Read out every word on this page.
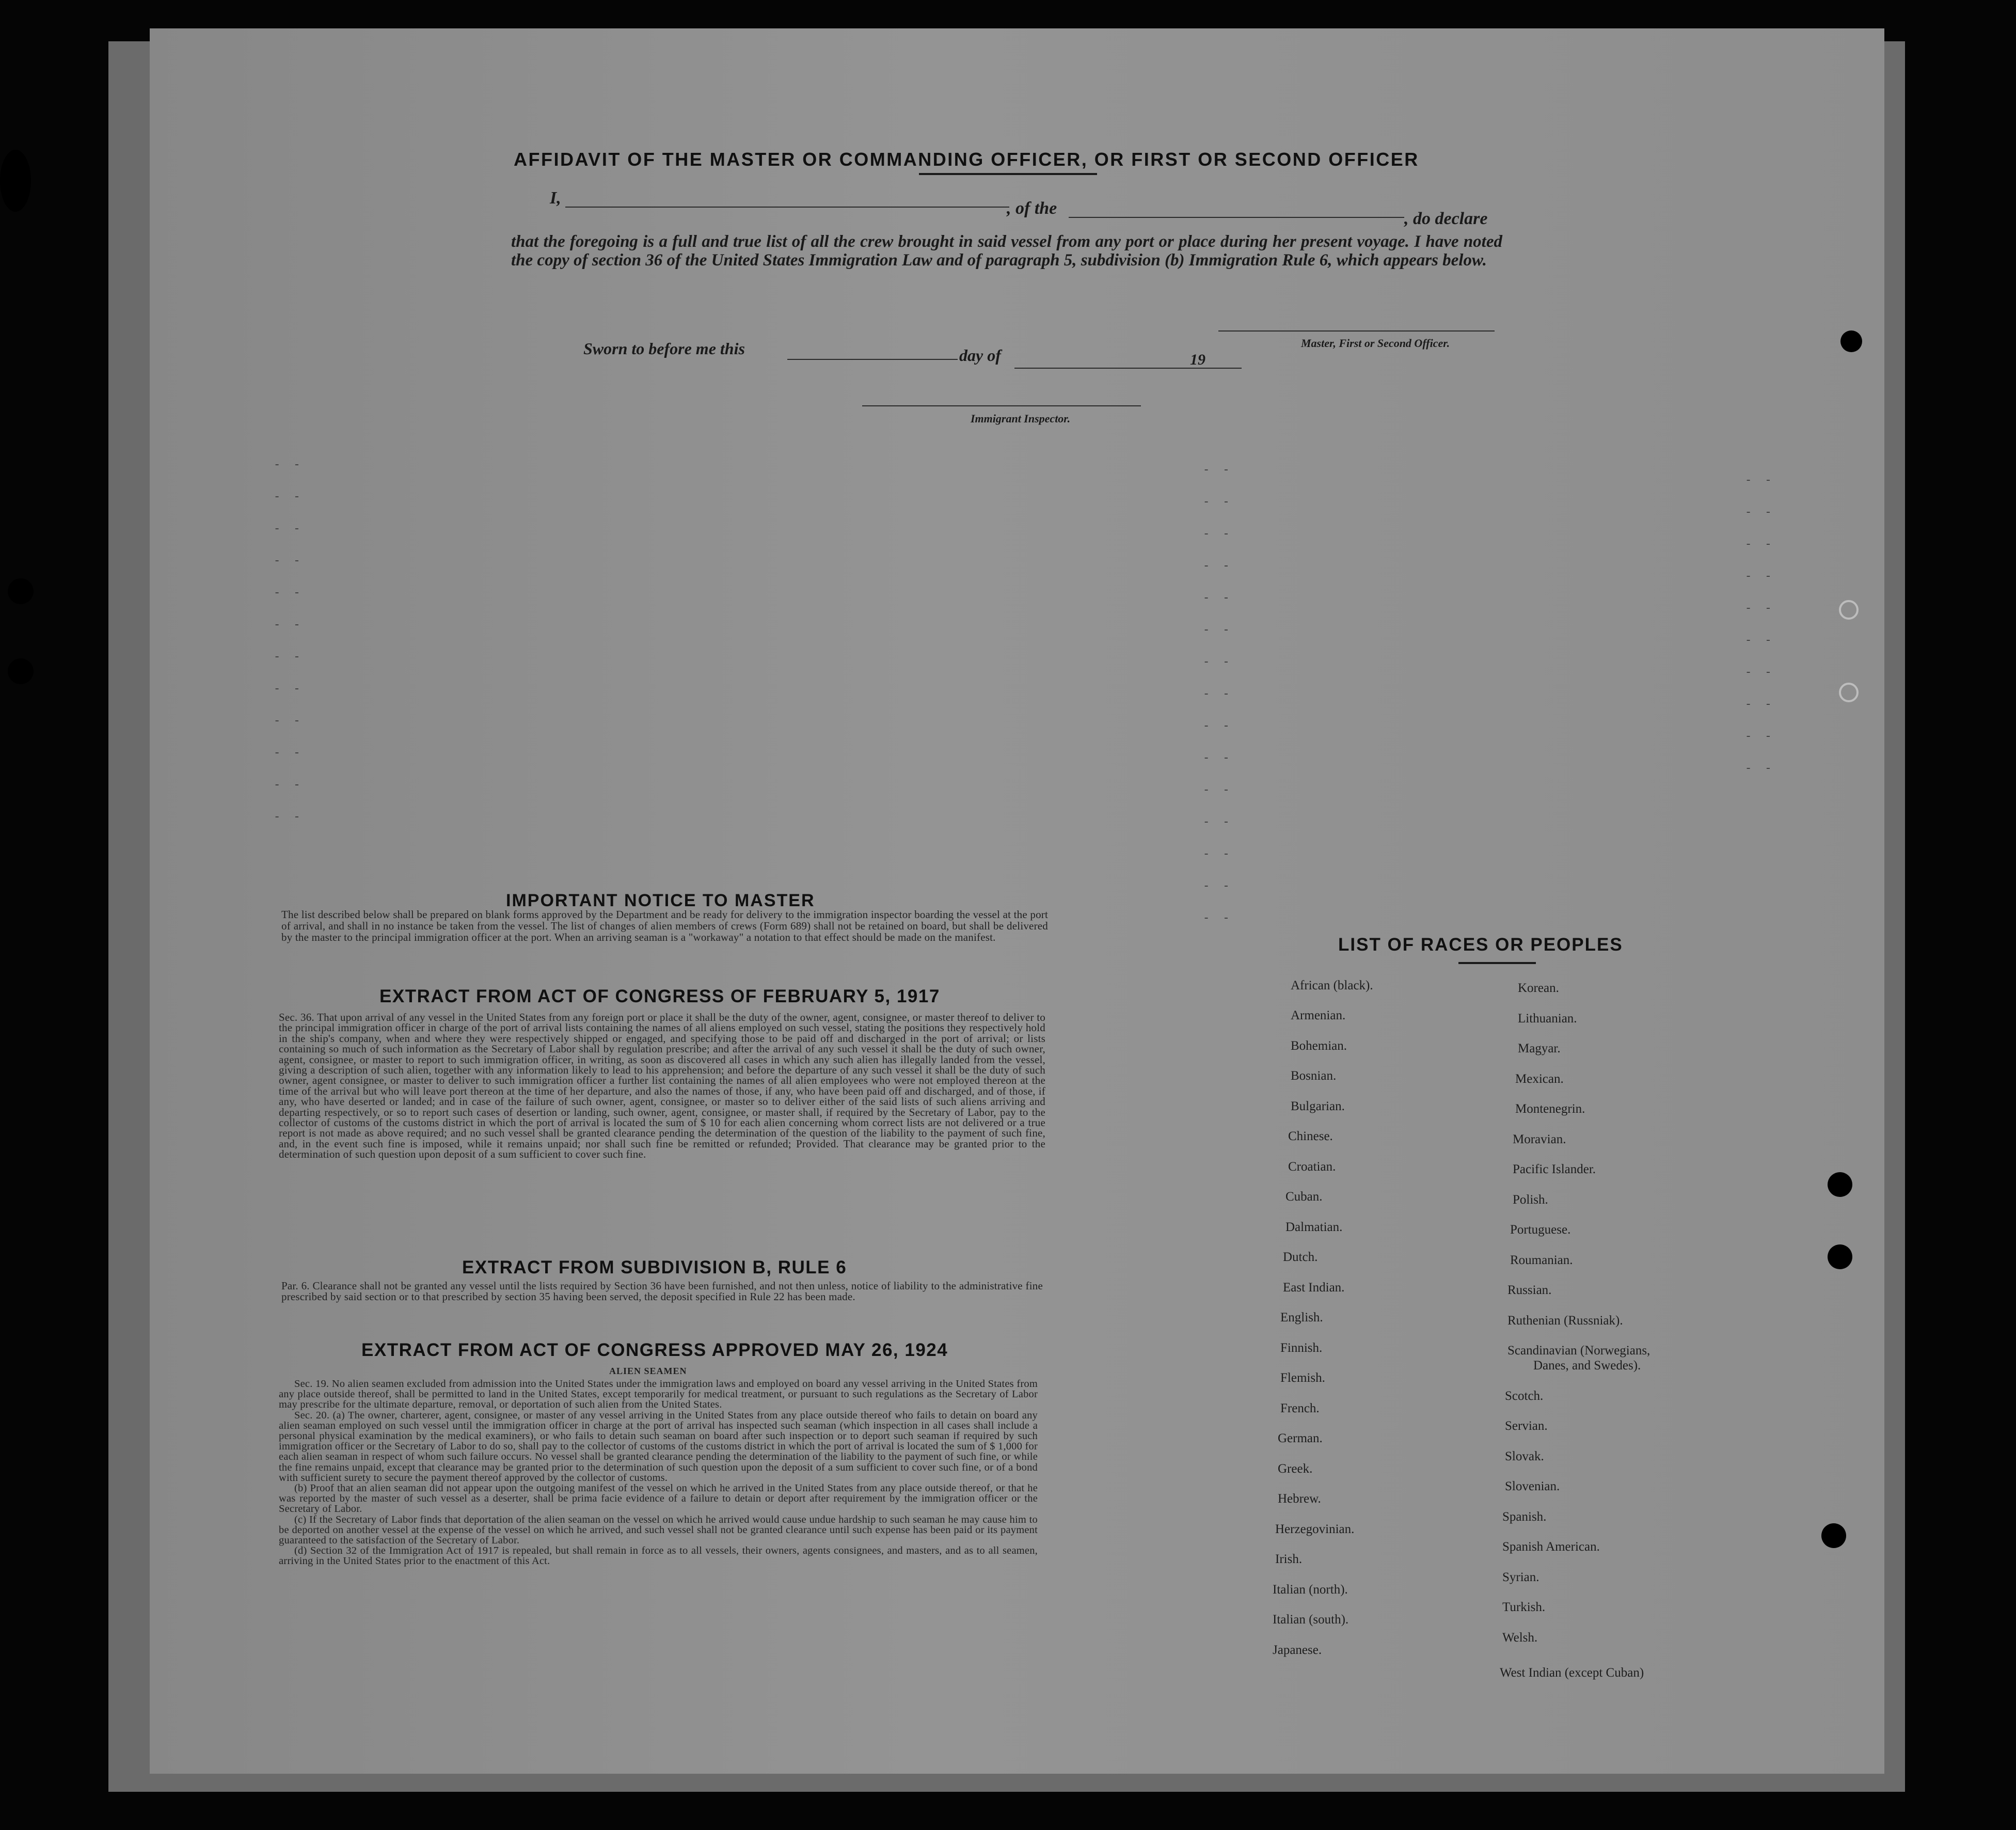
- -
- -
- -
- -
- -
- -
- -
- -
- -
- -
- -
- -
- -
- -
- -
- -
- -
- -
- -
- -
- -
- -
- -
- -
- -
- -
- -
- -
- -
- -
- -
- -
- -
- -
- -
- -
- -
AFFIDAVIT OF THE MASTER OR COMMANDING OFFICER, OR FIRST OR SECOND OFFICER
I,
, of the
, do declare
that the foregoing is a full and true list of all the crew brought in said vessel from any port or place during her present voyage. I have noted the copy of section 36 of the United States Immigration Law and of paragraph 5, subdivision (b) Immigration Rule 6, which appears below.
Master, First or Second Officer.
Sworn to before me this	day of	19
Immigrant Inspector.
IMPORTANT NOTICE TO MASTER
The list described below shall be prepared on blank forms approved by the Department and be ready for delivery to the immigration inspector boarding the vessel at the port of arrival, and shall in no instance be taken from the vessel. The list of changes of alien members of crews (Form 689) shall not be retained on board, but shall be delivered by the master to the principal immigration officer at the port. When an arriving seaman is a "workaway" a notation to that effect should be made on the manifest.
EXTRACT FROM ACT OF CONGRESS OF FEBRUARY 5, 1917
Sec. 36. That upon arrival of any vessel in the United States from any foreign port or place it shall be the duty of the owner, agent, consignee, or master thereof to deliver to the principal immigration officer in charge of the port of arrival lists containing the names of all aliens employed on such vessel, stating the positions they respectively hold in the ship's company, when and where they were respectively shipped or engaged, and specifying those to be paid off and discharged in the port of arrival; or lists containing so much of such information as the Secretary of Labor shall by regulation prescribe; and after the arrival of any such vessel it shall be the duty of such owner, agent, consignee, or master to report to such immigration officer, in writing, as soon as discovered all cases in which any such alien has illegally landed from the vessel, giving a description of such alien, together with any information likely to lead to his apprehension; and before the departure of any such vessel it shall be the duty of such owner, agent consignee, or master to deliver to such immigration officer a further list containing the names of all alien employees who were not employed thereon at the time of the arrival but who will leave port thereon at the time of her departure, and also the names of those, if any, who have been paid off and discharged, and of those, if any, who have deserted or landed; and in case of the failure of such owner, agent, consignee, or master so to deliver either of the said lists of such aliens arriving and departing respectively, or so to report such cases of desertion or landing, such owner, agent, consignee, or master shall, if required by the Secretary of Labor, pay to the collector of customs of the customs district in which the port of arrival is located the sum of $ 10 for each alien concerning whom correct lists are not delivered or a true report is not made as above required; and no such vessel shall be granted clearance pending the determination of the question of the liability to the payment of such fine, and, in the event such fine is imposed, while it remains unpaid; nor shall such fine be remitted or refunded; Provided. That clearance may be granted prior to the determination of such question upon deposit of a sum sufficient to cover such fine.
EXTRACT FROM SUBDIVISION B, RULE 6
Par. 6. Clearance shall not be granted any vessel until the lists required by Section 36 have been furnished, and not then unless, notice of liability to the administrative fine prescribed by said section or to that prescribed by section 35 having been served, the deposit specified in Rule 22 has been made.
EXTRACT FROM ACT OF CONGRESS APPROVED MAY 26, 1924
ALIEN SEAMEN
Sec. 19. No alien seamen excluded from admission into the United States under the immigration laws and employed on board any vessel arriving in the United States from any place outside thereof, shall be permitted to land in the United States, except temporarily for medical treatment, or pursuant to such regulations as the Secretary of Labor may prescribe for the ultimate departure, removal, or deportation of such alien from the United States.
Sec. 20. (a) The owner, charterer, agent, consignee, or master of any vessel arriving in the United States from any place outside thereof who fails to detain on board any alien seaman employed on such vessel until the immigration officer in charge at the port of arrival has inspected such seaman (which inspection in all cases shall include a personal physical examination by the medical examiners), or who fails to detain such seaman on board after such inspection or to deport such seaman if required by such immigration officer or the Secretary of Labor to do so, shall pay to the collector of customs of the customs district in which the port of arrival is located the sum of $ 1,000 for each alien seaman in respect of whom such failure occurs. No vessel shall be granted clearance pending the determination of the liability to the payment of such fine, or while the fine remains unpaid, except that clearance may be granted prior to the determination of such question upon the deposit of a sum sufficient to cover such fine, or of a bond with sufficient surety to secure the payment thereof approved by the collector of customs.
(b) Proof that an alien seaman did not appear upon the outgoing manifest of the vessel on which he arrived in the United States from any place outside thereof, or that he was reported by the master of such vessel as a deserter, shall be prima facie evidence of a failure to detain or deport after requirement by the immigration officer or the Secretary of Labor.
(c) If the Secretary of Labor finds that deportation of the alien seaman on the vessel on which he arrived would cause undue hardship to such seaman he may cause him to be deported on another vessel at the expense of the vessel on which he arrived, and such vessel shall not be granted clearance until such expense has been paid or its payment guaranteed to the satisfaction of the Secretary of Labor.
(d) Section 32 of the Immigration Act of 1917 is repealed, but shall remain in force as to all vessels, their owners, agents consignees, and masters, and as to all seamen, arriving in the United States prior to the enactment of this Act.
LIST OF RACES OR PEOPLES
African (black).
Armenian.
Bohemian.
Bosnian.
Bulgarian.
Chinese.
Croatian.
Cuban.
Dalmatian.
Dutch.
East Indian.
English.
Finnish.
Flemish.
French.
German.
Greek.
Hebrew.
Herzegovinian.
Irish.
Italian (north).
Italian (south).
Japanese.
Korean.
Lithuanian.
Magyar.
Mexican.
Montenegrin.
Moravian.
Pacific Islander.
Polish.
Portuguese.
Roumanian.
Russian.
Ruthenian (Russniak).
Scandinavian (Norwegians,
Danes, and Swedes).
Scotch.
Servian.
Slovak.
Slovenian.
Spanish.
Spanish American.
Syrian.
Turkish.
Welsh.
West Indian (except Cuban)
